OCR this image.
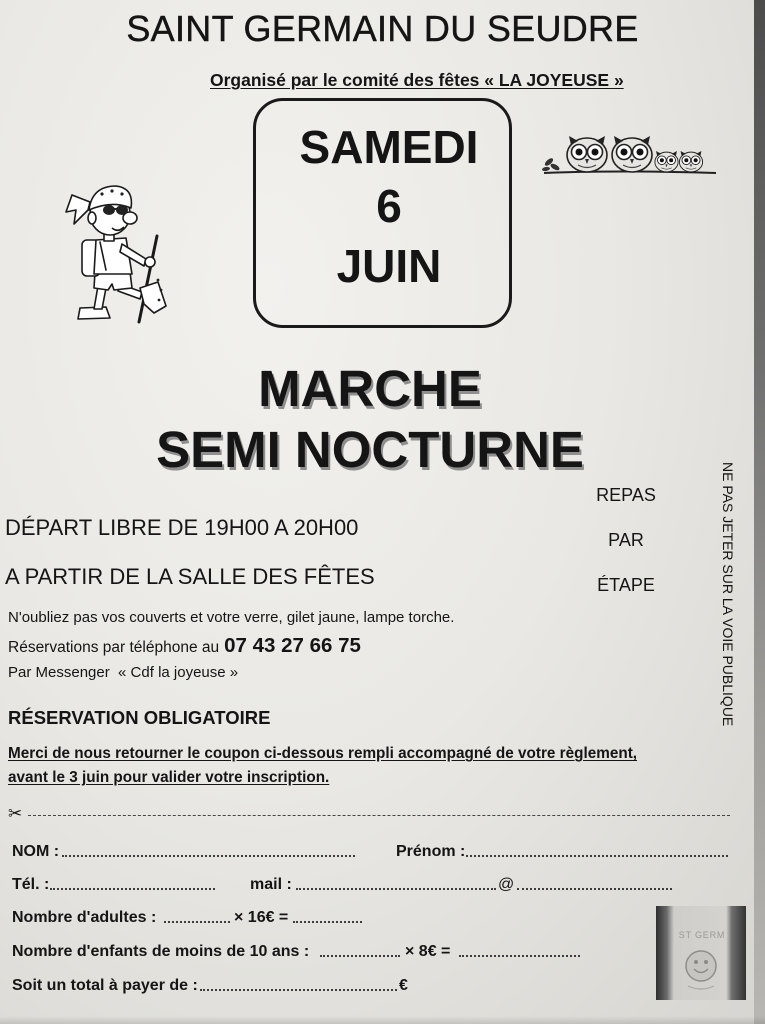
SAINT GERMAIN DU SEUDRE
Organisé par le comité des fêtes « LA JOYEUSE »
SAMEDI
6
JUIN
MARCHE
SEMI NOCTURNE
NE PAS JETER SUR LA VOIE PUBLIQUE
REPAS
PAR
ÉTAPE
DÉPART LIBRE DE 19H00 A 20H00
A PARTIR DE LA SALLE DES FÊTES
N'oubliez pas vos couverts et votre verre, gilet jaune, lampe torche.
Réservations par téléphone au 07 43 27 66 75
Par Messenger  « Cdf la joyeuse »
RÉSERVATION OBLIGATOIRE
Merci de nous retourner le coupon ci-dessous rempli accompagné de votre règlement,
avant le 3 juin pour valider votre inscription.
✂
NOM :	Prénom :
Tél. :	mail :	@
Nombre d'adultes :	× 16€ =
Nombre d'enfants de moins de 10 ans :	× 8€ =
Soit un total à payer de :	€
ST GERM
